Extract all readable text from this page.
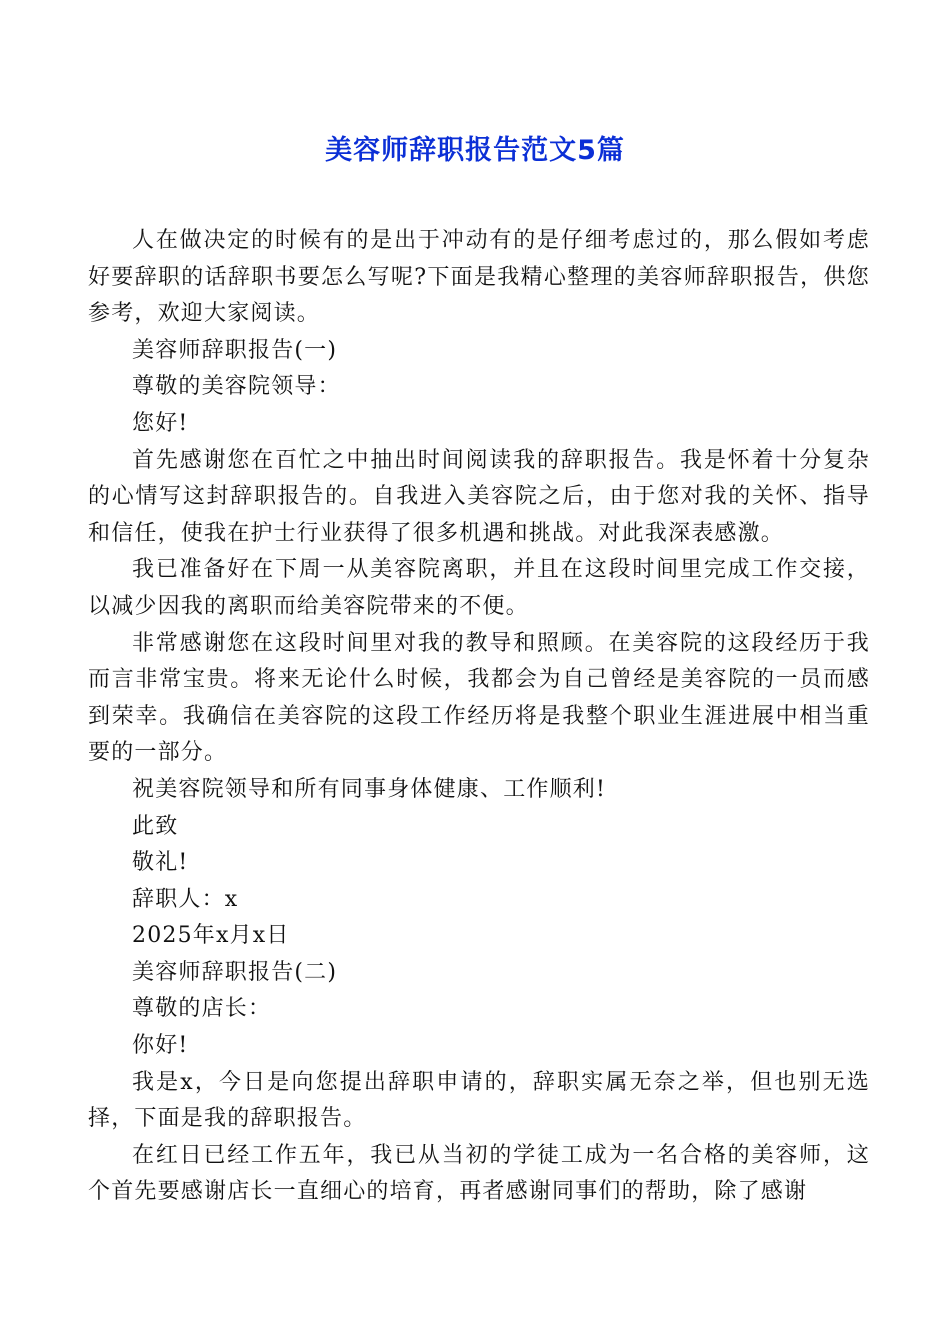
美容师辞职报告范文5篇

人在做决定的时候有的是出于冲动有的是仔细考虑过的，那么假如考虑好要辞职的话辞职书要怎么写呢?下面是我精心整理的美容师辞职报告，供您参考，欢迎大家阅读。

美容师辞职报告(一)

尊敬的美容院领导：

您好!

首先感谢您在百忙之中抽出时间阅读我的辞职报告。我是怀着十分复杂的心情写这封辞职报告的。自我进入美容院之后，由于您对我的关怀、指导和信任，使我在护士行业获得了很多机遇和挑战。对此我深表感激。

我已准备好在下周一从美容院离职，并且在这段时间里完成工作交接，以减少因我的离职而给美容院带来的不便。

非常感谢您在这段时间里对我的教导和照顾。在美容院的这段经历于我而言非常宝贵。将来无论什么时候，我都会为自己曾经是美容院的一员而感到荣幸。我确信在美容院的这段工作经历将是我整个职业生涯进展中相当重要的一部分。

祝美容院领导和所有同事身体健康、工作顺利!

此致

敬礼!

辞职人：x

2025年x月x日

美容师辞职报告(二)

尊敬的店长：

你好!

我是x，今日是向您提出辞职申请的，辞职实属无奈之举，但也别无选择，下面是我的辞职报告。

在红日已经工作五年，我已从当初的学徒工成为一名合格的美容师，这个首先要感谢店长一直细心的培育，再者感谢同事们的帮助，除了感谢
